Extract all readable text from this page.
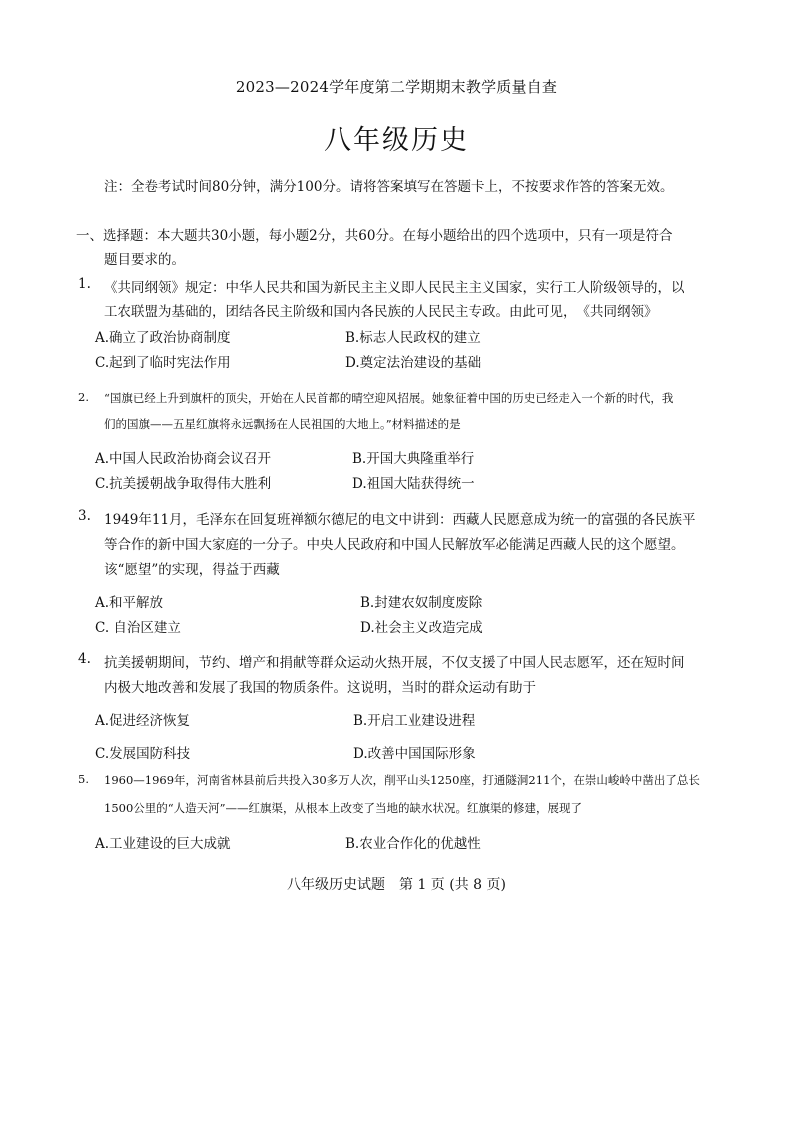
2023—2024学年度第二学期期末教学质量自查
八年级历史
注：全卷考试时间80分钟，满分100分。请将答案填写在答题卡上，不按要求作答的答案无效。
一、选择题：本大题共30小题，每小题2分，共60分。在每小题给出的四个选项中，只有一项是符合
题目要求的。
1. 《共同纲领》规定：中华人民共和国为新民主主义即人民民主主义国家，实行工人阶级领导的，以
工农联盟为基础的，团结各民主阶级和国内各民族的人民民主专政。由此可见，　《共同纲领》
A.确立了政治协商制度	B.标志人民政权的建立
C.起到了临时宪法作用	D.奠定法治建设的基础
2. “国旗已经上升到旗杆的顶尖，开始在人民首都的晴空迎风招展。她象征着中国的历史已经走入一个新的时代，我
们的国旗——五星红旗将永远飘扬在人民祖国的大地上。”材料描述的是
A.中国人民政治协商会议召开	B.开国大典隆重举行
C.抗美援朝战争取得伟大胜利	D.祖国大陆获得统一
3. 1949年11月，毛泽东在回复班禅额尔德尼的电文中讲到：西藏人民愿意成为统一的富强的各民族平
等合作的新中国大家庭的一分子。中央人民政府和中国人民解放军必能满足西藏人民的这个愿望。
该“愿望”的实现，得益于西藏
A.和平解放	B.封建农奴制度废除
C. 自治区建立	D.社会主义改造完成
4. 抗美援朝期间，节约、增产和捐献等群众运动火热开展，不仅支援了中国人民志愿军，还在短时间
内极大地改善和发展了我国的物质条件。这说明，当时的群众运动有助于
A.促进经济恢复	B.开启工业建设进程
C.发展国防科技	D.改善中国国际形象
5. 1960—1969年，河南省林县前后共投入30多万人次，削平山头1250座，打通隧洞211个，在崇山峻岭中凿出了总长
1500公里的“人造天河”——红旗渠，从根本上改变了当地的缺水状况。红旗渠的修建，展现了
A.工业建设的巨大成就	B.农业合作化的优越性
八年级历史试题　第 1 页 (共 8 页)
